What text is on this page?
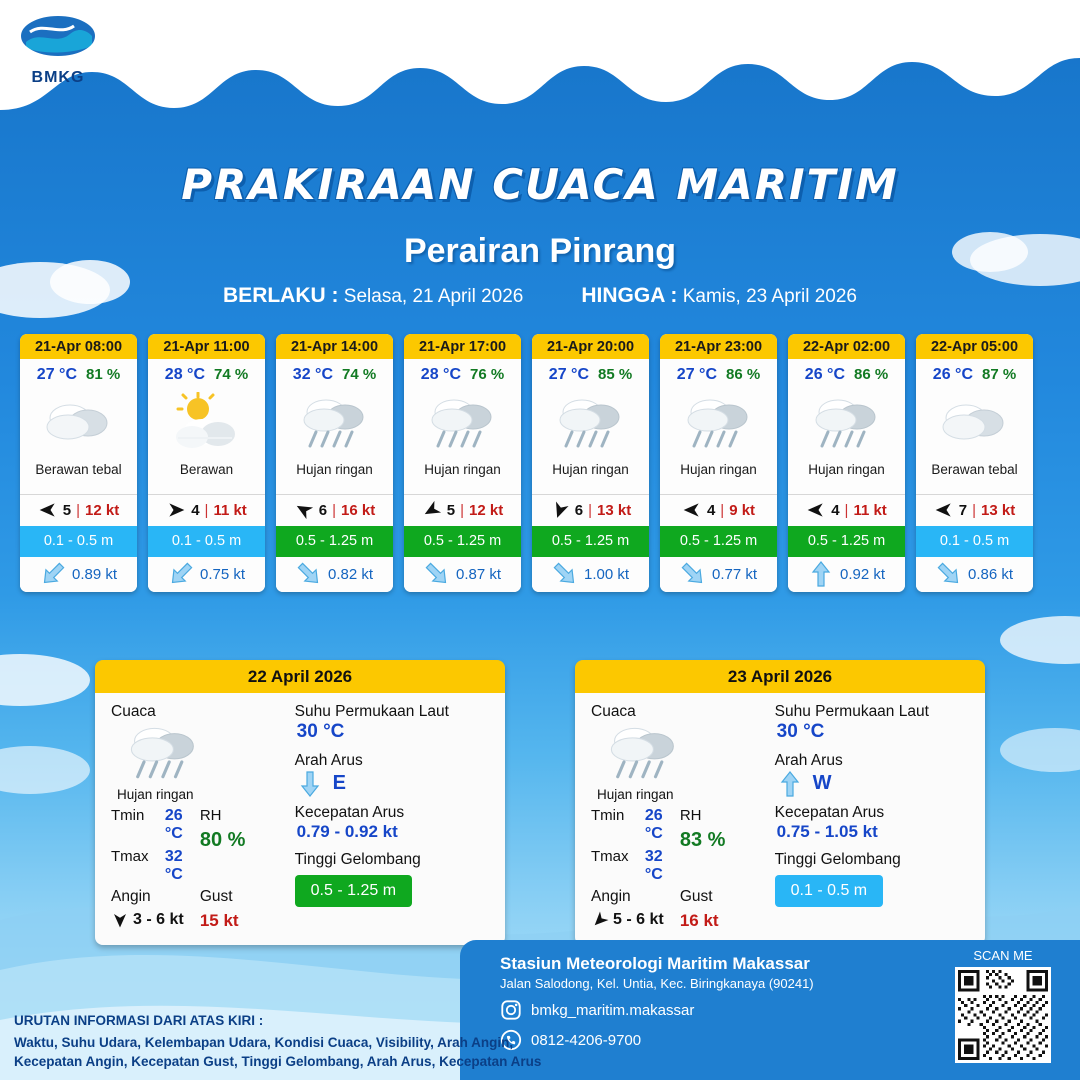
BMKG
BADAN METEOROLOGI KLIMATOLOGI DAN GEOFISIKA
Stasiun Meteorologi Maritim Makassar
PRAKIRAAN CUACA MARITIM
Perairan Pinrang
BERLAKU : Selasa, 21 April 2026	HINGGA : Kamis, 23 April 2026
21-Apr 08:00
27 °C 81 %
Berawan tebal
5 | 12 kt
0.1 - 0.5 m
0.89 kt
21-Apr 11:00
28 °C 74 %
Berawan
4 | 11 kt
0.1 - 0.5 m
0.75 kt
21-Apr 14:00
32 °C 74 %
Hujan ringan
6 | 16 kt
0.5 - 1.25 m
0.82 kt
21-Apr 17:00
28 °C 76 %
Hujan ringan
5 | 12 kt
0.5 - 1.25 m
0.87 kt
21-Apr 20:00
27 °C 85 %
Hujan ringan
6 | 13 kt
0.5 - 1.25 m
1.00 kt
21-Apr 23:00
27 °C 86 %
Hujan ringan
4 | 9 kt
0.5 - 1.25 m
0.77 kt
22-Apr 02:00
26 °C 86 %
Hujan ringan
4 | 11 kt
0.5 - 1.25 m
0.92 kt
22-Apr 05:00
26 °C 87 %
Berawan tebal
7 | 13 kt
0.1 - 0.5 m
0.86 kt
22 April 2026
Cuaca
Hujan ringan
Tmin	26 °C
Tmax	32 °C
RH
80 %
Angin
3 - 6 kt
Gust
15 kt
Suhu Permukaan Laut
30 °C
Arah Arus
E
Kecepatan Arus
0.79 - 0.92 kt
Tinggi Gelombang
0.5 - 1.25 m
23 April 2026
Cuaca
Hujan ringan
Tmin	26 °C
Tmax	32 °C
RH
83 %
Angin
5 - 6 kt
Gust
16 kt
Suhu Permukaan Laut
30 °C
Arah Arus
W
Kecepatan Arus
0.75 - 1.05 kt
Tinggi Gelombang
0.1 - 0.5 m
Stasiun Meteorologi Maritim Makassar
Jalan Salodong, Kel. Untia, Kec. Biringkanaya (90241)
bmkg_maritim.makassar
0812-4206-9700
SCAN ME
URUTAN INFORMASI DARI ATAS KIRI :
Waktu, Suhu Udara, Kelembapan Udara, Kondisi Cuaca, Visibility, Arah Angin,
Kecepatan Angin, Kecepatan Gust, Tinggi Gelombang, Arah Arus, Kecepatan Arus
